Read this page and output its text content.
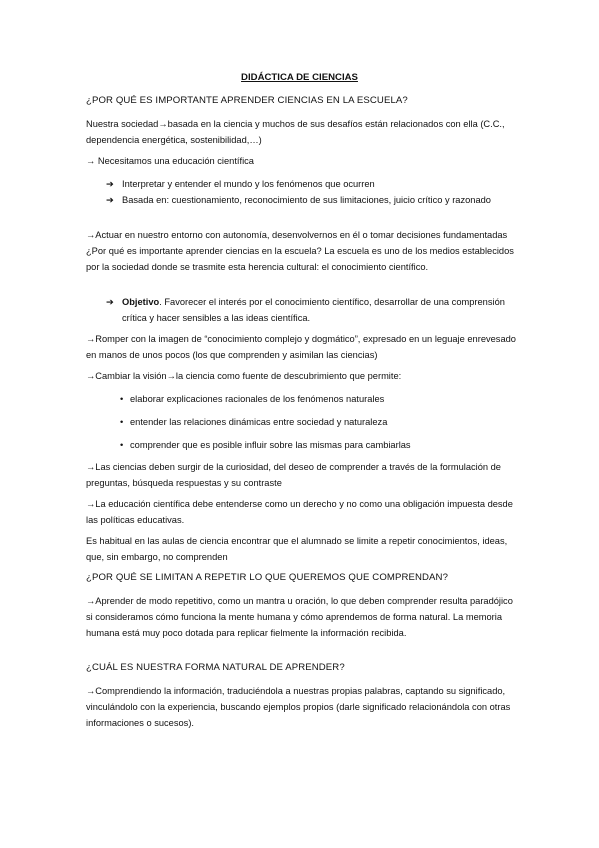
DIDÁCTICA DE CIENCIAS

¿POR QUÉ ES IMPORTANTE APRENDER CIENCIAS EN LA ESCUELA?

Nuestra sociedad→basada en la ciencia y muchos de sus desafíos están relacionados con ella (C.C., dependencia energética, sostenibilidad,…)

→ Necesitamos una educación científica

➔ Interpretar y entender el mundo y los fenómenos que ocurren
➔ Basada en: cuestionamiento, reconocimiento de sus limitaciones, juicio crítico y razonado

→Actuar en nuestro entorno con autonomía, desenvolvernos en él o tomar decisiones fundamentadas ¿Por qué es importante aprender ciencias en la escuela? La escuela es uno de los medios establecidos por la sociedad donde se trasmite esta herencia cultural: el conocimiento científico.

➔ Objetivo. Favorecer el interés por el conocimiento científico, desarrollar de una comprensión crítica y hacer sensibles a las ideas científica.

→Romper con la imagen de “conocimiento complejo y dogmático”, expresado en un leguaje enrevesado en manos de unos pocos (los que comprenden y asimilan las ciencias)

→Cambiar la visión→la ciencia como fuente de descubrimiento que permite:

• elaborar explicaciones racionales de los fenómenos naturales
• entender las relaciones dinámicas entre sociedad y naturaleza
• comprender que es posible influir sobre las mismas para cambiarlas

→Las ciencias deben surgir de la curiosidad, del deseo de comprender a través de la formulación de preguntas, búsqueda respuestas y su contraste

→La educación científica debe entenderse como un derecho y no como una obligación impuesta desde las políticas educativas.

Es habitual en las aulas de ciencia encontrar que el alumnado se limite a repetir conocimientos, ideas, que, sin embargo, no comprenden

¿POR QUÉ SE LIMITAN A REPETIR LO QUE QUEREMOS QUE COMPRENDAN?

→Aprender de modo repetitivo, como un mantra u oración, lo que deben comprender resulta paradójico si consideramos cómo funciona la mente humana y cómo aprendemos de forma natural. La memoria humana está muy poco dotada para replicar fielmente la información recibida.

¿CUÁL ES NUESTRA FORMA NATURAL DE APRENDER?

→Comprendiendo la información, traduciéndola a nuestras propias palabras, captando su significado, vinculándolo con la experiencia, buscando ejemplos propios (darle significado relacionándola con otras informaciones o sucesos).
